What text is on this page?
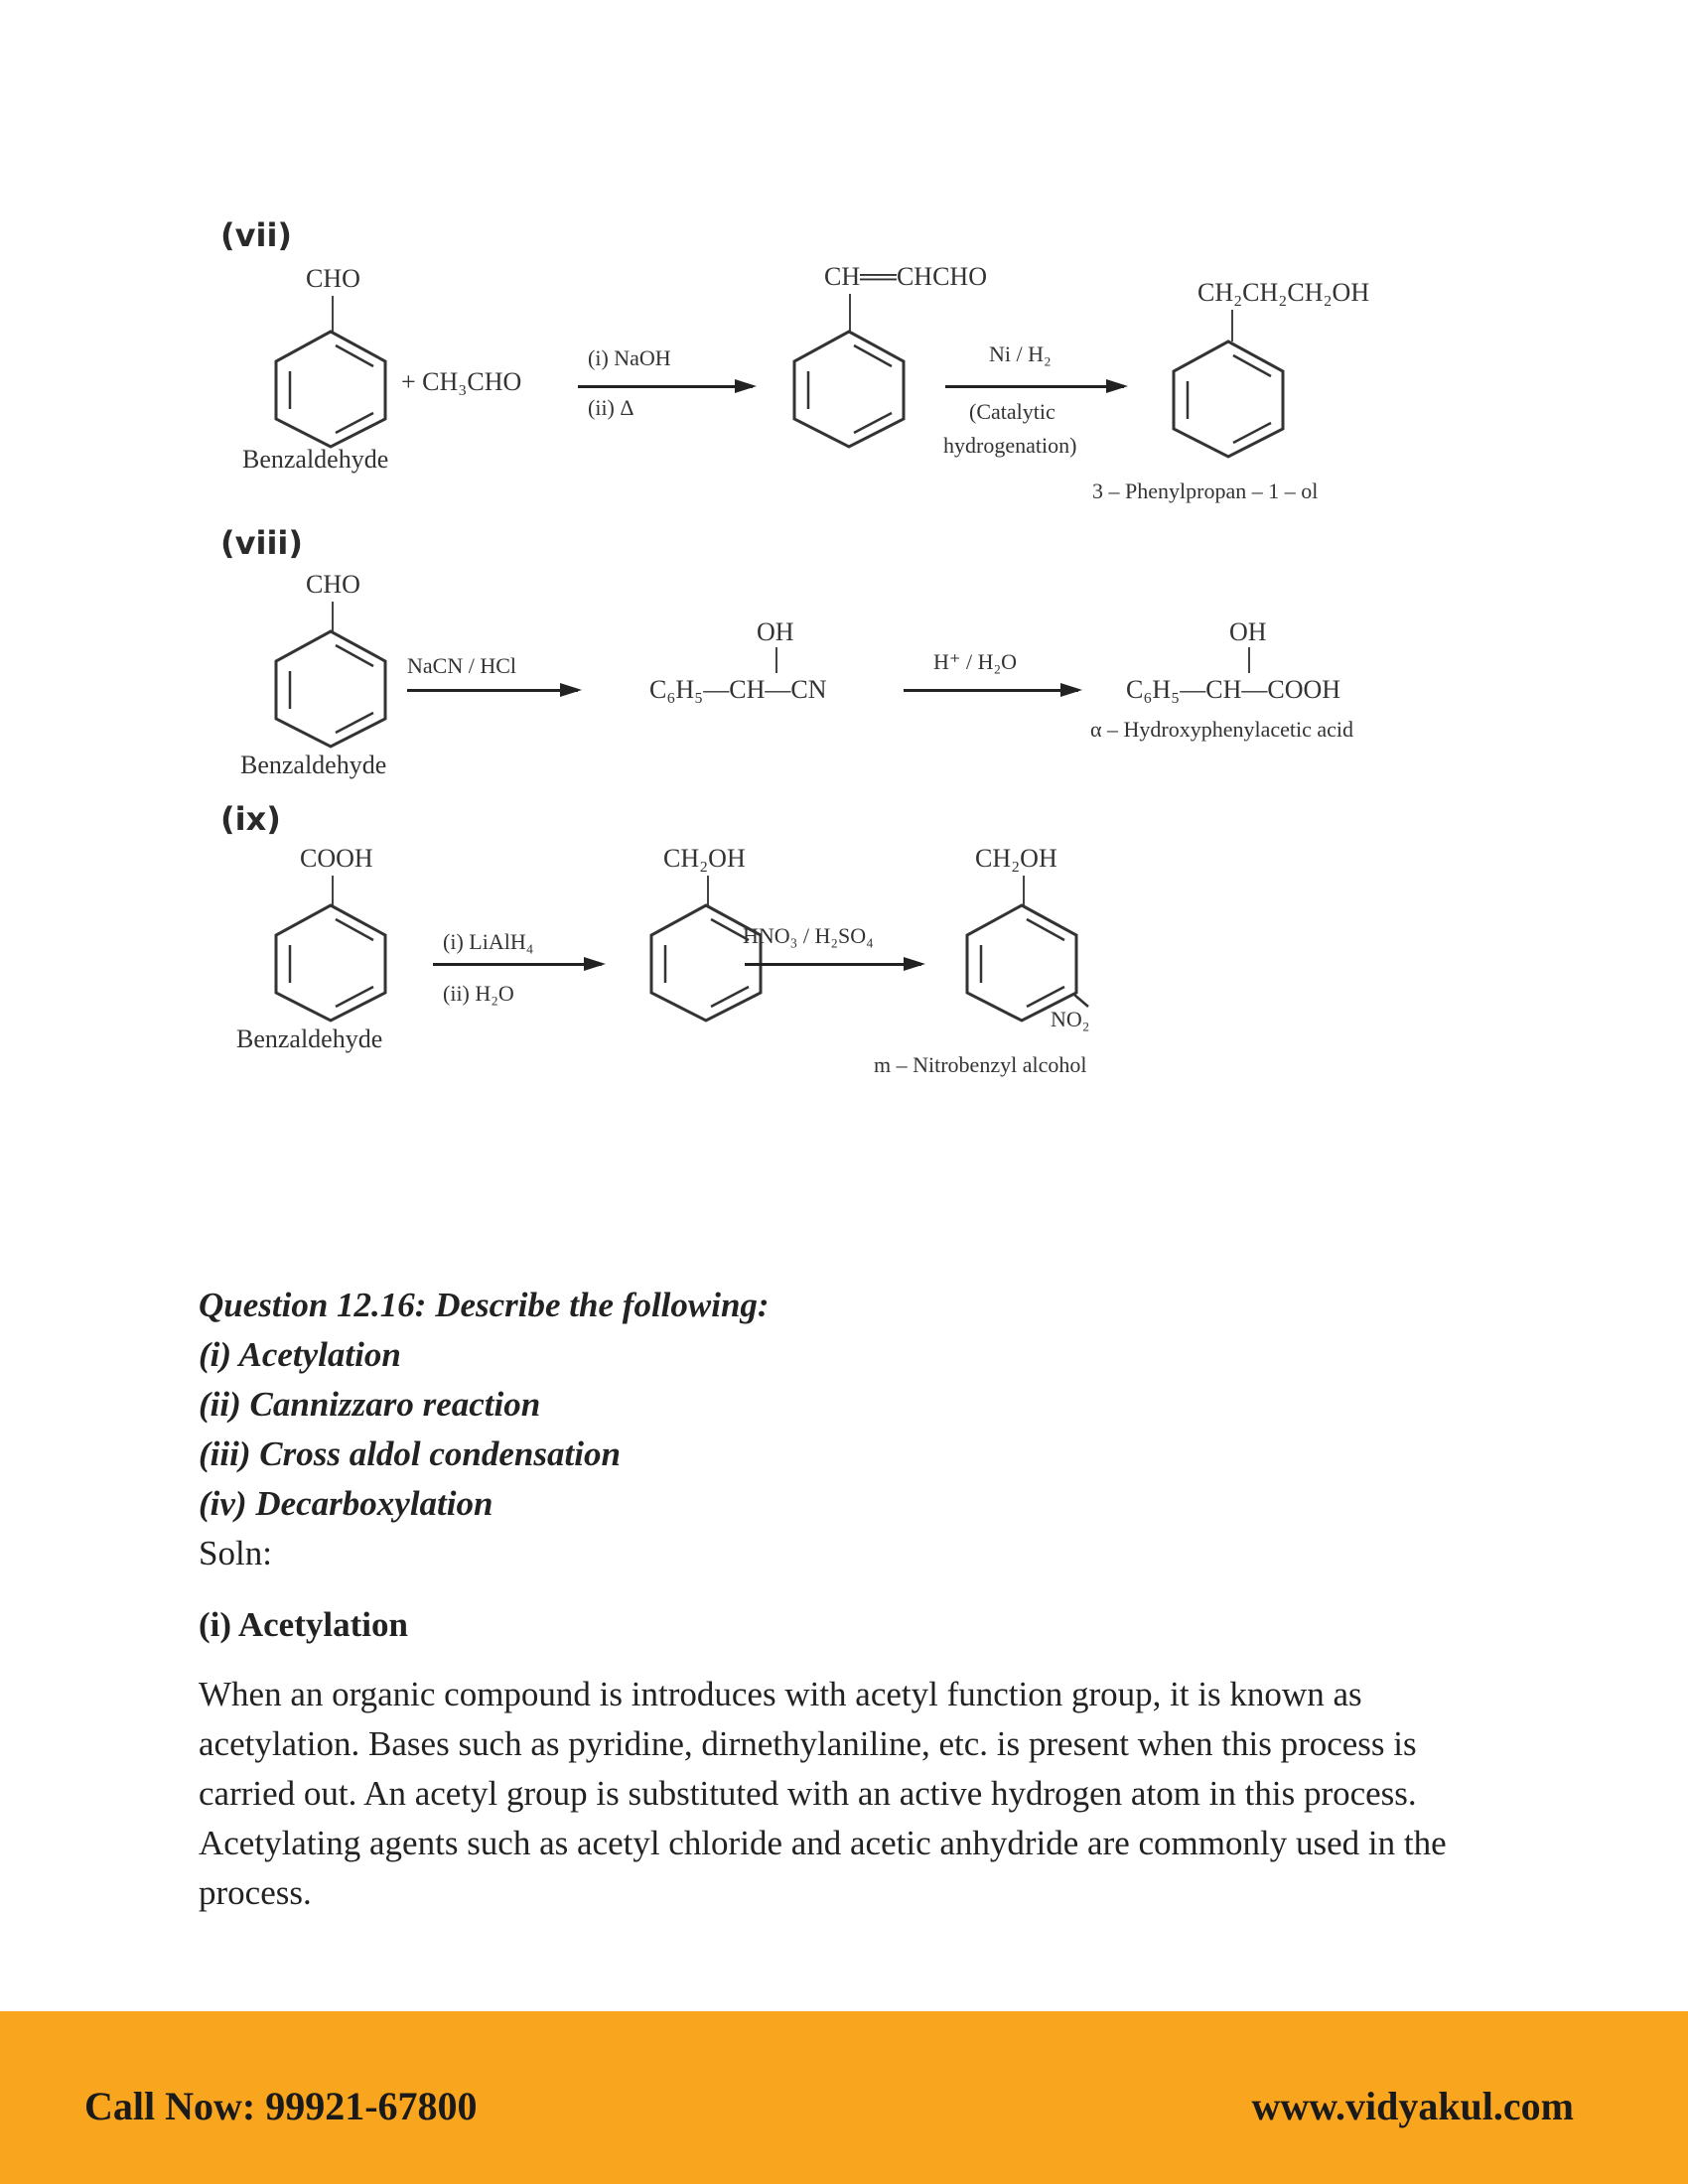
(vii)
CHO
Benzaldehyde
+ CH₃CHO
(i) NaOH
(ii) Δ
CH══CHCHO
Ni / H₂
(Catalytic
hydrogenation)
CH₂CH₂CH₂OH
3 – Phenylpropan – 1 – ol
(viii)
CHO
Benzaldehyde
NaCN / HCl
OH
C₆H₅—CH—CN
H⁺ / H₂O
OH
C₆H₅—CH—COOH
α – Hydroxyphenylacetic acid
(ix)
COOH
Benzaldehyde
(i) LiAlH₄
(ii) H₂O
CH₂OH
HNO₃ / H₂SO₄
CH₂OH
NO₂
m – Nitrobenzyl alcohol
Question 12.16: Describe the following:
(i) Acetylation
(ii) Cannizzaro reaction
(iii) Cross aldol condensation
(iv) Decarboxylation
Soln:
(i) Acetylation
When an organic compound is introduces with acetyl function group, it is known as acetylation. Bases such as pyridine, dirnethylaniline, etc. is present when this process is carried out. An acetyl group is substituted with an active hydrogen atom in this process. Acetylating agents such as acetyl chloride and acetic anhydride are commonly used in the process.
Call Now: 99921-67800	www.vidyakul.com
